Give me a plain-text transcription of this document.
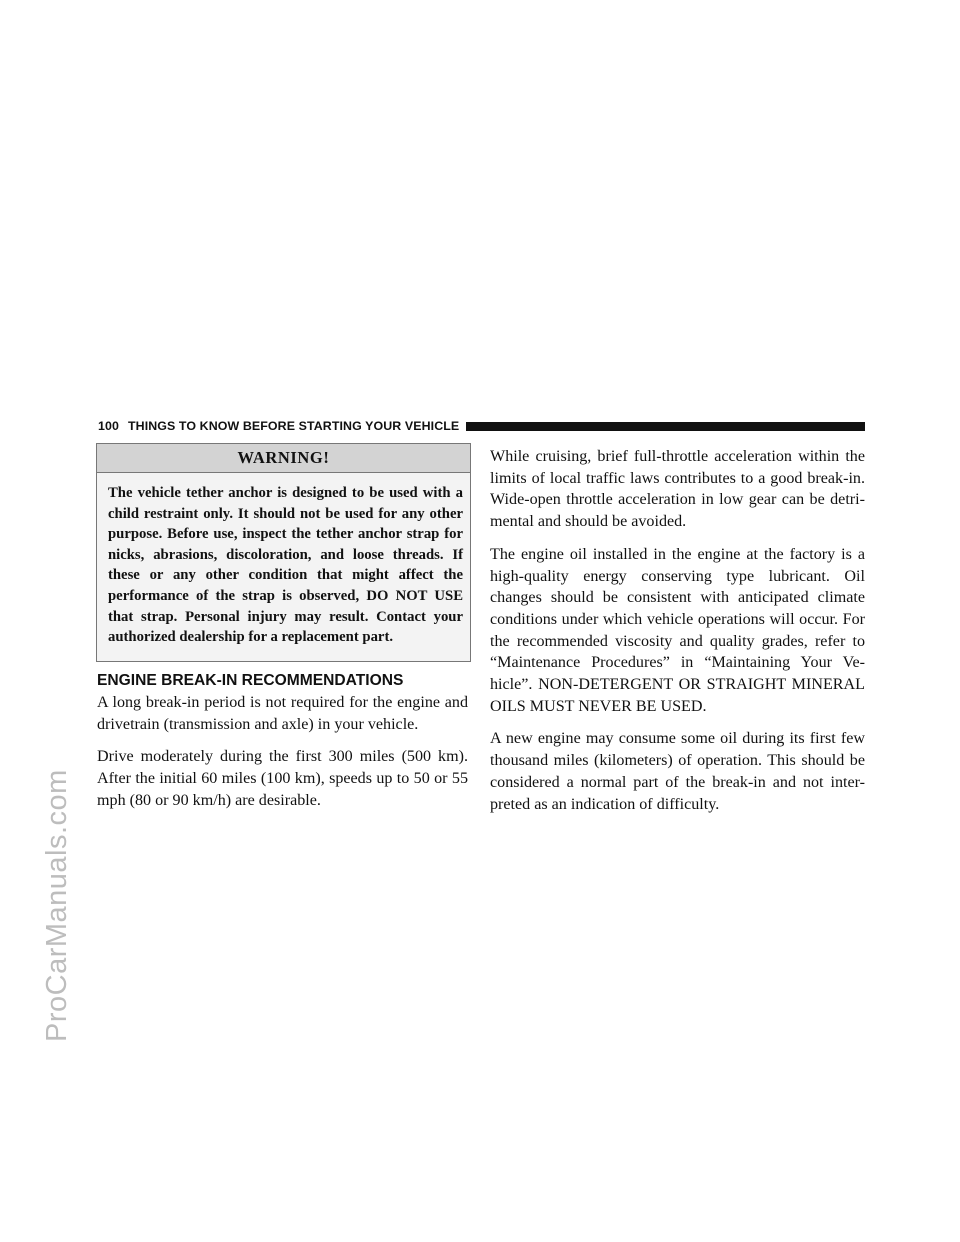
ProCarManuals.com
100 THINGS TO KNOW BEFORE STARTING YOUR VEHICLE
WARNING!
The vehicle tether anchor is designed to be used with a child restraint only. It should not be used for any other purpose. Before use, inspect the tether anchor strap for nicks, abrasions, discoloration, and loose threads. If these or any other condition that might affect the performance of the strap is observed, DO NOT USE that strap. Personal injury may result. Contact your authorized dealership for a replacement part.
ENGINE BREAK-IN RECOMMENDATIONS

A long break-in period is not required for the engine and drivetrain (transmission and axle) in your vehicle.

Drive moderately during the first 300 miles (500 km). After the initial 60 miles (100 km), speeds up to 50 or 55 mph (80 or 90 km/h) are desirable.

While cruising, brief full-throttle acceleration within the limits of local traffic laws contributes to a good break-in. Wide-open throttle acceleration in low gear can be detri- mental and should be avoided.

The engine oil installed in the engine at the factory is a high-quality energy conserving type lubricant. Oil changes should be consistent with anticipated climate conditions under which vehicle operations will occur. For the recommended viscosity and quality grades, refer to “Maintenance Procedures” in “Maintaining Your Ve- hicle”. NON-DETERGENT OR STRAIGHT MINERAL OILS MUST NEVER BE USED.

A new engine may consume some oil during its first few thousand miles (kilometers) of operation. This should be considered a normal part of the break-in and not inter- preted as an indication of difficulty.
